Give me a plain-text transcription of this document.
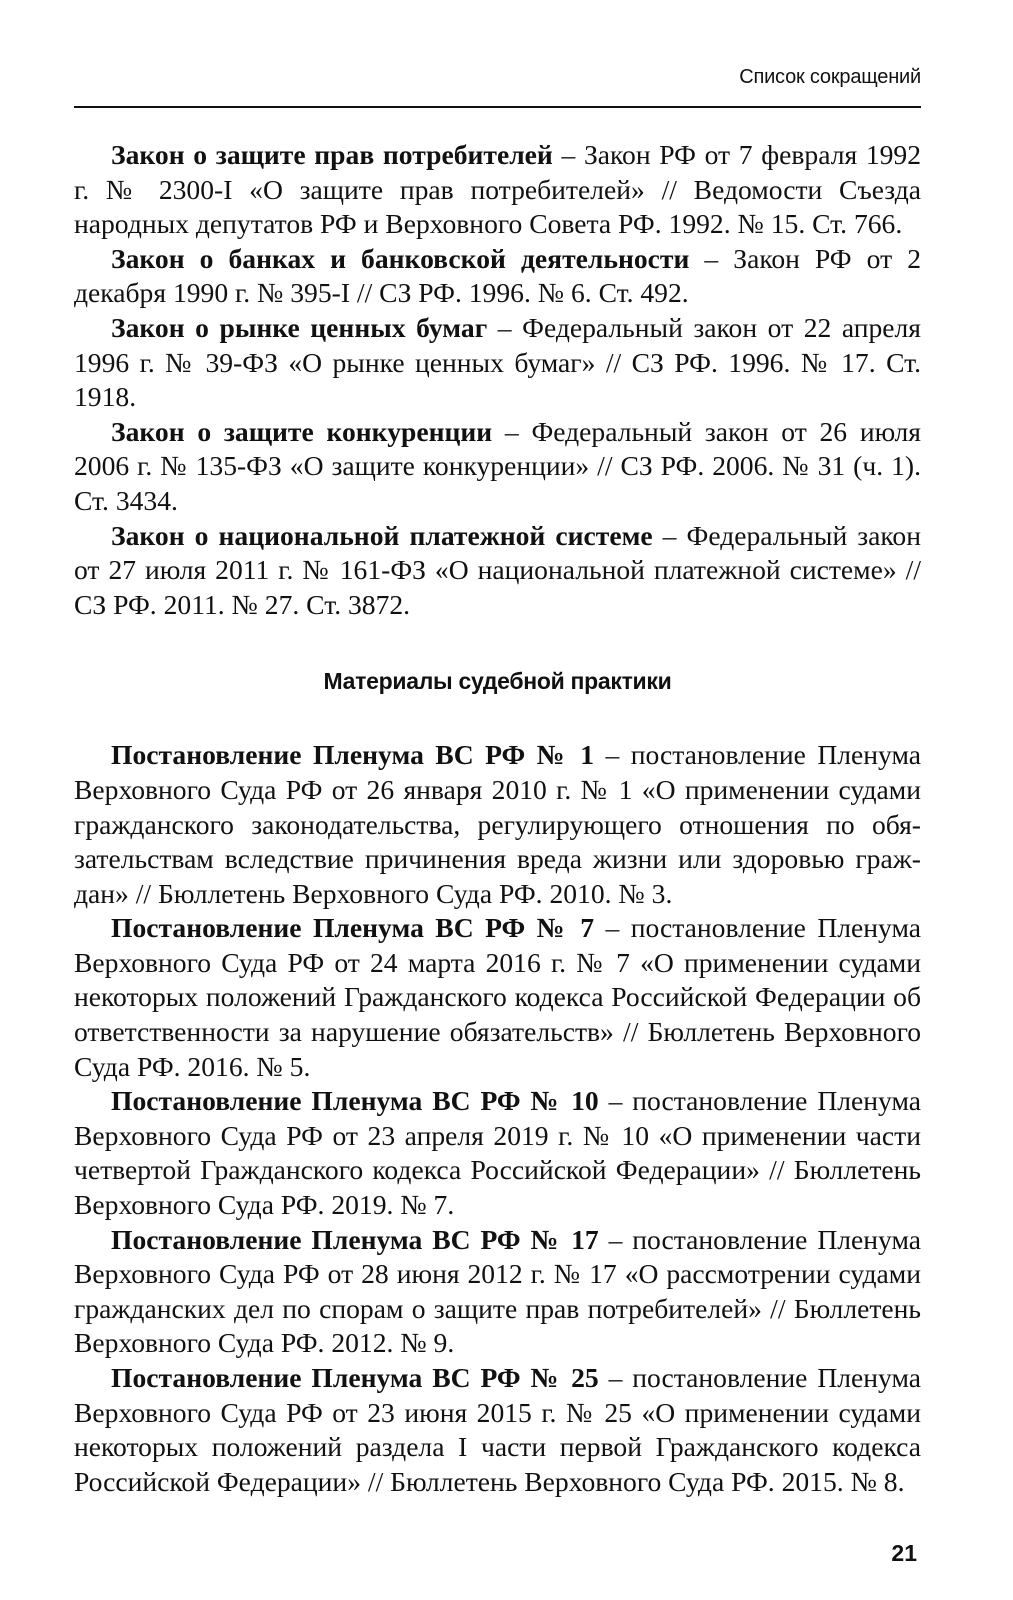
Список сокращений

Закон о защите прав потребителей – Закон РФ от 7 февраля 1992 г. № 2300-I «О защите прав потребителей» // Ведомости Съезда народных депутатов РФ и Верховного Совета РФ. 1992. № 15. Ст. 766.

Закон о банках и банковской деятельности – Закон РФ от 2 декабря 1990 г. № 395-I // СЗ РФ. 1996. № 6. Ст. 492.

Закон о рынке ценных бумаг – Федеральный закон от 22 апреля 1996 г. № 39-ФЗ «О рынке ценных бумаг» // СЗ РФ. 1996. № 17. Ст. 1918.

Закон о защите конкуренции – Федеральный закон от 26 июля 2006 г. № 135-ФЗ «О защите конкуренции» // СЗ РФ. 2006. № 31 (ч. 1). Ст. 3434.

Закон о национальной платежной системе – Федеральный закон от 27 июля 2011 г. № 161-ФЗ «О национальной платежной системе» // СЗ РФ. 2011. № 27. Ст. 3872.

Материалы судебной практики

Постановление Пленума ВС РФ № 1 – постановление Пленума Верховного Суда РФ от 26 января 2010 г. № 1 «О применении судами гражданского законодательства, регулирующего отношения по обязательствам вследствие причинения вреда жизни или здоровью граждан» // Бюллетень Верховного Суда РФ. 2010. № 3.

Постановление Пленума ВС РФ № 7 – постановление Пленума Верховного Суда РФ от 24 марта 2016 г. № 7 «О применении судами некоторых положений Гражданского кодекса Российской Федерации об ответственности за нарушение обязательств» // Бюллетень Верховного Суда РФ. 2016. № 5.

Постановление Пленума ВС РФ № 10 – постановление Пленума Верховного Суда РФ от 23 апреля 2019 г. № 10 «О применении части четвертой Гражданского кодекса Российской Федерации» // Бюллетень Верховного Суда РФ. 2019. № 7.

Постановление Пленума ВС РФ № 17 – постановление Пленума Верховного Суда РФ от 28 июня 2012 г. № 17 «О рассмотрении судами гражданских дел по спорам о защите прав потребителей» // Бюллетень Верховного Суда РФ. 2012. № 9.

Постановление Пленума ВС РФ № 25 – постановление Пленума Верховного Суда РФ от 23 июня 2015 г. № 25 «О применении судами некоторых положений раздела I части первой Гражданского кодекса Российской Федерации» // Бюллетень Верховного Суда РФ. 2015. № 8.

21
